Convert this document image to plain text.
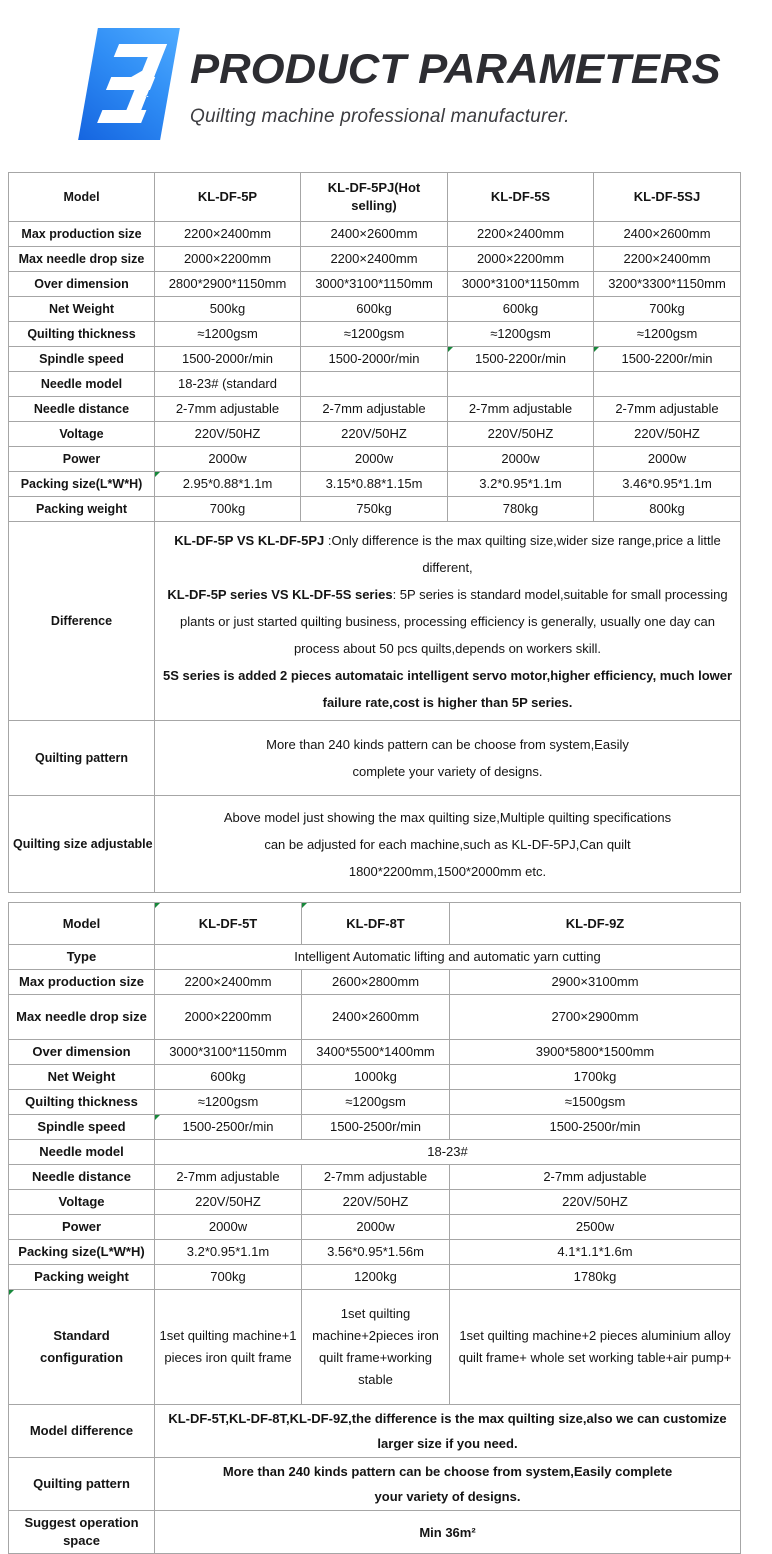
PRODUCT PARAMETERS
Quilting machine professional manufacturer.
Model	KL-DF-5P	KL-DF-5PJ(Hot selling)	KL-DF-5S	KL-DF-5SJ
Max production size	2200×2400mm	2400×2600mm	2200×2400mm	2400×2600mm
Max needle drop size	2000×2200mm	2200×2400mm	2000×2200mm	2200×2400mm
Over dimension	2800*2900*1150mm	3000*3100*1150mm	3000*3100*1150mm	3200*3300*1150mm
Net Weight	500kg	600kg	600kg	700kg
Quilting thickness	≈1200gsm	≈1200gsm	≈1200gsm	≈1200gsm
Spindle speed	1500-2000r/min	1500-2000r/min	1500-2200r/min	1500-2200r/min

Needle model	18-23# (standard			
Needle distance	2-7mm adjustable	2-7mm adjustable	2-7mm adjustable	2-7mm adjustable
Voltage	220V/50HZ	220V/50HZ	220V/50HZ	220V/50HZ
Power	2000w	2000w	2000w	2000w
Packing size(L*W*H)	2.95*0.88*1.1m	3.15*0.88*1.15m	3.2*0.95*1.1m	3.46*0.95*1.1m
Packing weight	700kg	750kg	780kg	800kg
Difference	KL-DF-5P VS KL-DF-5PJ :Only difference is the max quilting size,wider size range,price a little different,
KL-DF-5P series VS KL-DF-5S series: 5P series is standard model,suitable for small processing plants or just started quilting business, processing efficiency is generally, usually one day can process about 50 pcs quilts,depends on workers skill.
5S series is added 2 pieces automataic intelligent servo motor,higher efficiency, much lower failure rate,cost is higher than 5P series.			

Quilting pattern	More than 240 kinds pattern can be choose from system,Easily
complete your variety of designs.			

Quilting size adjustable	Above model just showing the max quilting size,Multiple quilting specifications
can be adjusted for each machine,such as KL-DF-5PJ,Can quilt
1800*2200mm,1500*2000mm etc.			
Model	KL-DF-5T	KL-DF-8T	KL-DF-9Z
Type	Intelligent Automatic lifting and automatic yarn cutting		
Max production size	2200×2400mm	2600×2800mm	2900×3100mm
Max needle drop size	2000×2200mm	2400×2600mm	2700×2900mm
Over dimension	3000*3100*1150mm	3400*5500*1400mm	3900*5800*1500mm
Net Weight	600kg	1000kg	1700kg
Quilting thickness	≈1200gsm	≈1200gsm	≈1500gsm
Spindle speed	1500-2500r/min	1500-2500r/min	1500-2500r/min
Needle model	18-23#		
Needle distance	2-7mm adjustable	2-7mm adjustable	2-7mm adjustable
Voltage	220V/50HZ	220V/50HZ	220V/50HZ
Power	2000w	2000w	2500w
Packing size(L*W*H)	3.2*0.95*1.1m	3.56*0.95*1.56m	4.1*1.1*1.6m
Packing weight	700kg	1200kg	1780kg
Standard configuration	1set quilting machine+1 pieces iron quilt frame	1set quilting machine+2pieces iron quilt frame+working stable	1set quilting machine+2 pieces aluminium alloy quilt frame+ whole set working table+air pump+
Model difference	KL-DF-5T,KL-DF-8T,KL-DF-9Z,the difference is the max quilting size,also we can customize larger size if you need.		

Quilting pattern	More than 240 kinds pattern can be choose from system,Easily complete
your variety of designs.		

Suggest operation space	Min 36m²		
